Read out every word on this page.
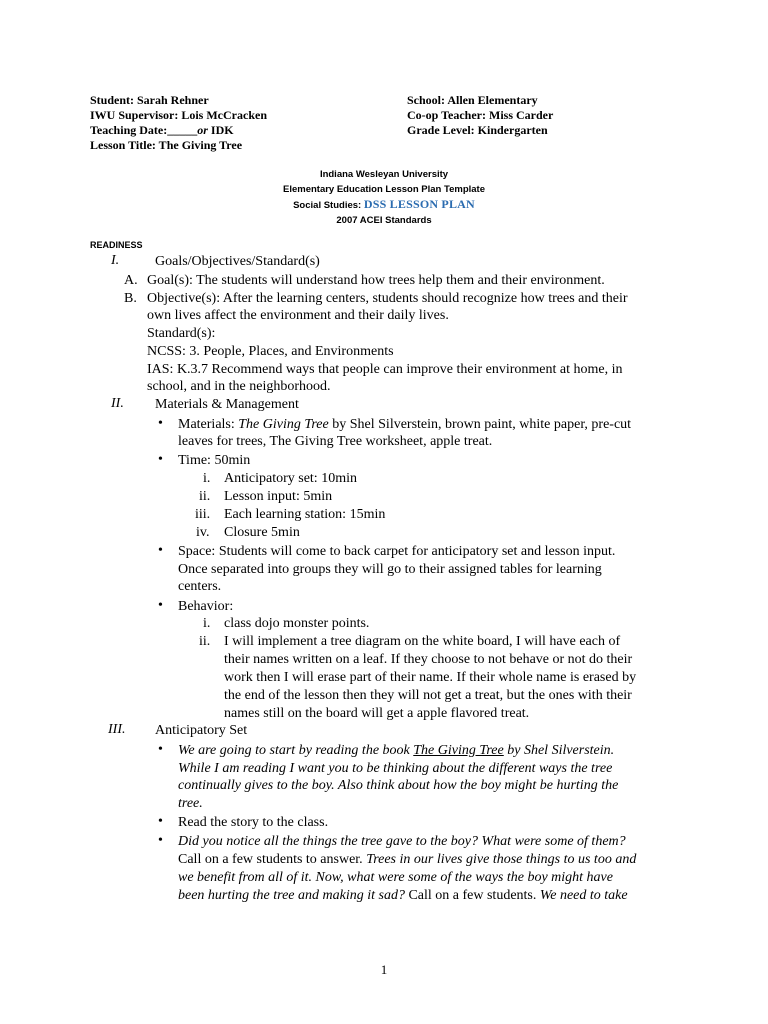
Student: Sarah Rehner
IWU Supervisor: Lois McCracken
Teaching Date:_____or IDK
Lesson Title: The Giving Tree
School: Allen Elementary
Co-op Teacher: Miss Carder
Grade Level: Kindergarten
Indiana Wesleyan University
Elementary Education Lesson Plan Template
Social Studies: DSS LESSON PLAN
2007 ACEI Standards
READINESS
I.	Goals/Objectives/Standard(s)
A. Goal(s): The students will understand how trees help them and their environment.
B. Objective(s): After the learning centers, students should recognize how trees and their
own lives affect the environment and their daily lives.
Standard(s):
NCSS: 3. People, Places, and Environments
IAS: K.3.7 Recommend ways that people can improve their environment at home, in
school, and in the neighborhood.
II. Materials & Management
• Materials: The Giving Tree by Shel Silverstein, brown paint, white paper, pre-cut
leaves for trees, The Giving Tree worksheet, apple treat.
• Time: 50min
i. Anticipatory set: 10min
ii. Lesson input: 5min
iii. Each learning station: 15min
iv. Closure 5min
• Space: Students will come to back carpet for anticipatory set and lesson input.
Once separated into groups they will go to their assigned tables for learning
centers.
• Behavior:
i. class dojo monster points.
ii. I will implement a tree diagram on the white board, I will have each of
their names written on a leaf. If they choose to not behave or not do their
work then I will erase part of their name. If their whole name is erased by
the end of the lesson then they will not get a treat, but the ones with their
names still on the board will get a apple flavored treat.
III. Anticipatory Set
• We are going to start by reading the book The Giving Tree by Shel Silverstein.
While I am reading I want you to be thinking about the different ways the tree
continually gives to the boy. Also think about how the boy might be hurting the
tree.
• Read the story to the class.
• Did you notice all the things the tree gave to the boy? What were some of them?
Call on a few students to answer. Trees in our lives give those things to us too and
we benefit from all of it. Now, what were some of the ways the boy might have
been hurting the tree and making it sad? Call on a few students. We need to take
1
